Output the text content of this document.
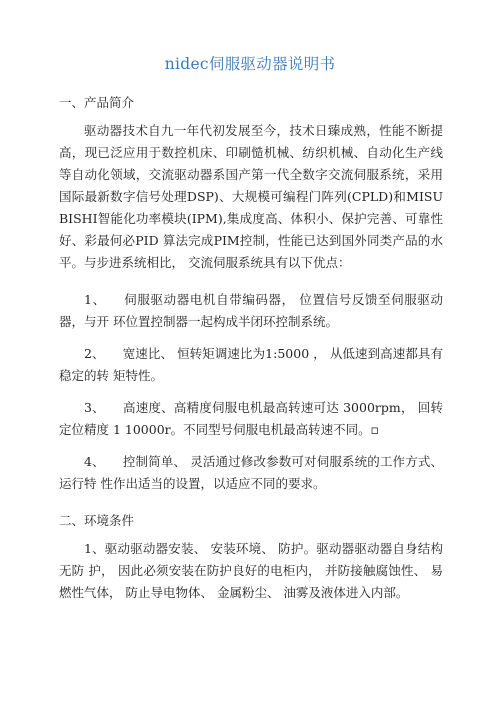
nidec伺服驱动器说明书
一、产品简介
驱动器技术自九一年代初发展至今，技术日臻成熟，性能不断提高，现已泛应用于数控机床、印刷慥机械、纺织机械、自动化生产线等自动化领域，交流驱动器系国产第一代全数字交流伺服系统，采用国际最新数字信号处理DSP)、大规模可编程门阵列(CPLD)和MISUBISHI智能化功率模块(IPM),集成度高、体积小、保护完善、可靠性好、彩最何必PID 算法完成PIM控制，性能已达到国外同类产品的水平。与步进系统相比， 交流伺服系统具有以下优点：
1、 伺服驱动器电机自带编码器， 位置信号反馈至伺服驱动器，与开 环位置控制器一起构成半闭环控制系统。
2、 宽速比、 恒转矩调速比为1:5000 ， 从低速到高速都具有稳定的转 矩特性。
3、 高速度、高精度伺服电机最高转速可达 3000rpm， 回转定位精度 1 10000r。不同型号伺服电机最高转速不同。▫
4、 控制简单、 灵活通过修改参数可对伺服系统的工作方式、 运行特 性作出适当的设置，以适应不同的要求。
二、环境条件
1、驱动驱动器安装、 安装环境、 防护。驱动器驱动器自身结构无防 护， 因此必须安装在防护良好的电柜内， 并防接触腐蚀性、 易燃性气体， 防止导电物体、 金属粉尘、 油雾及液体进入内部。
